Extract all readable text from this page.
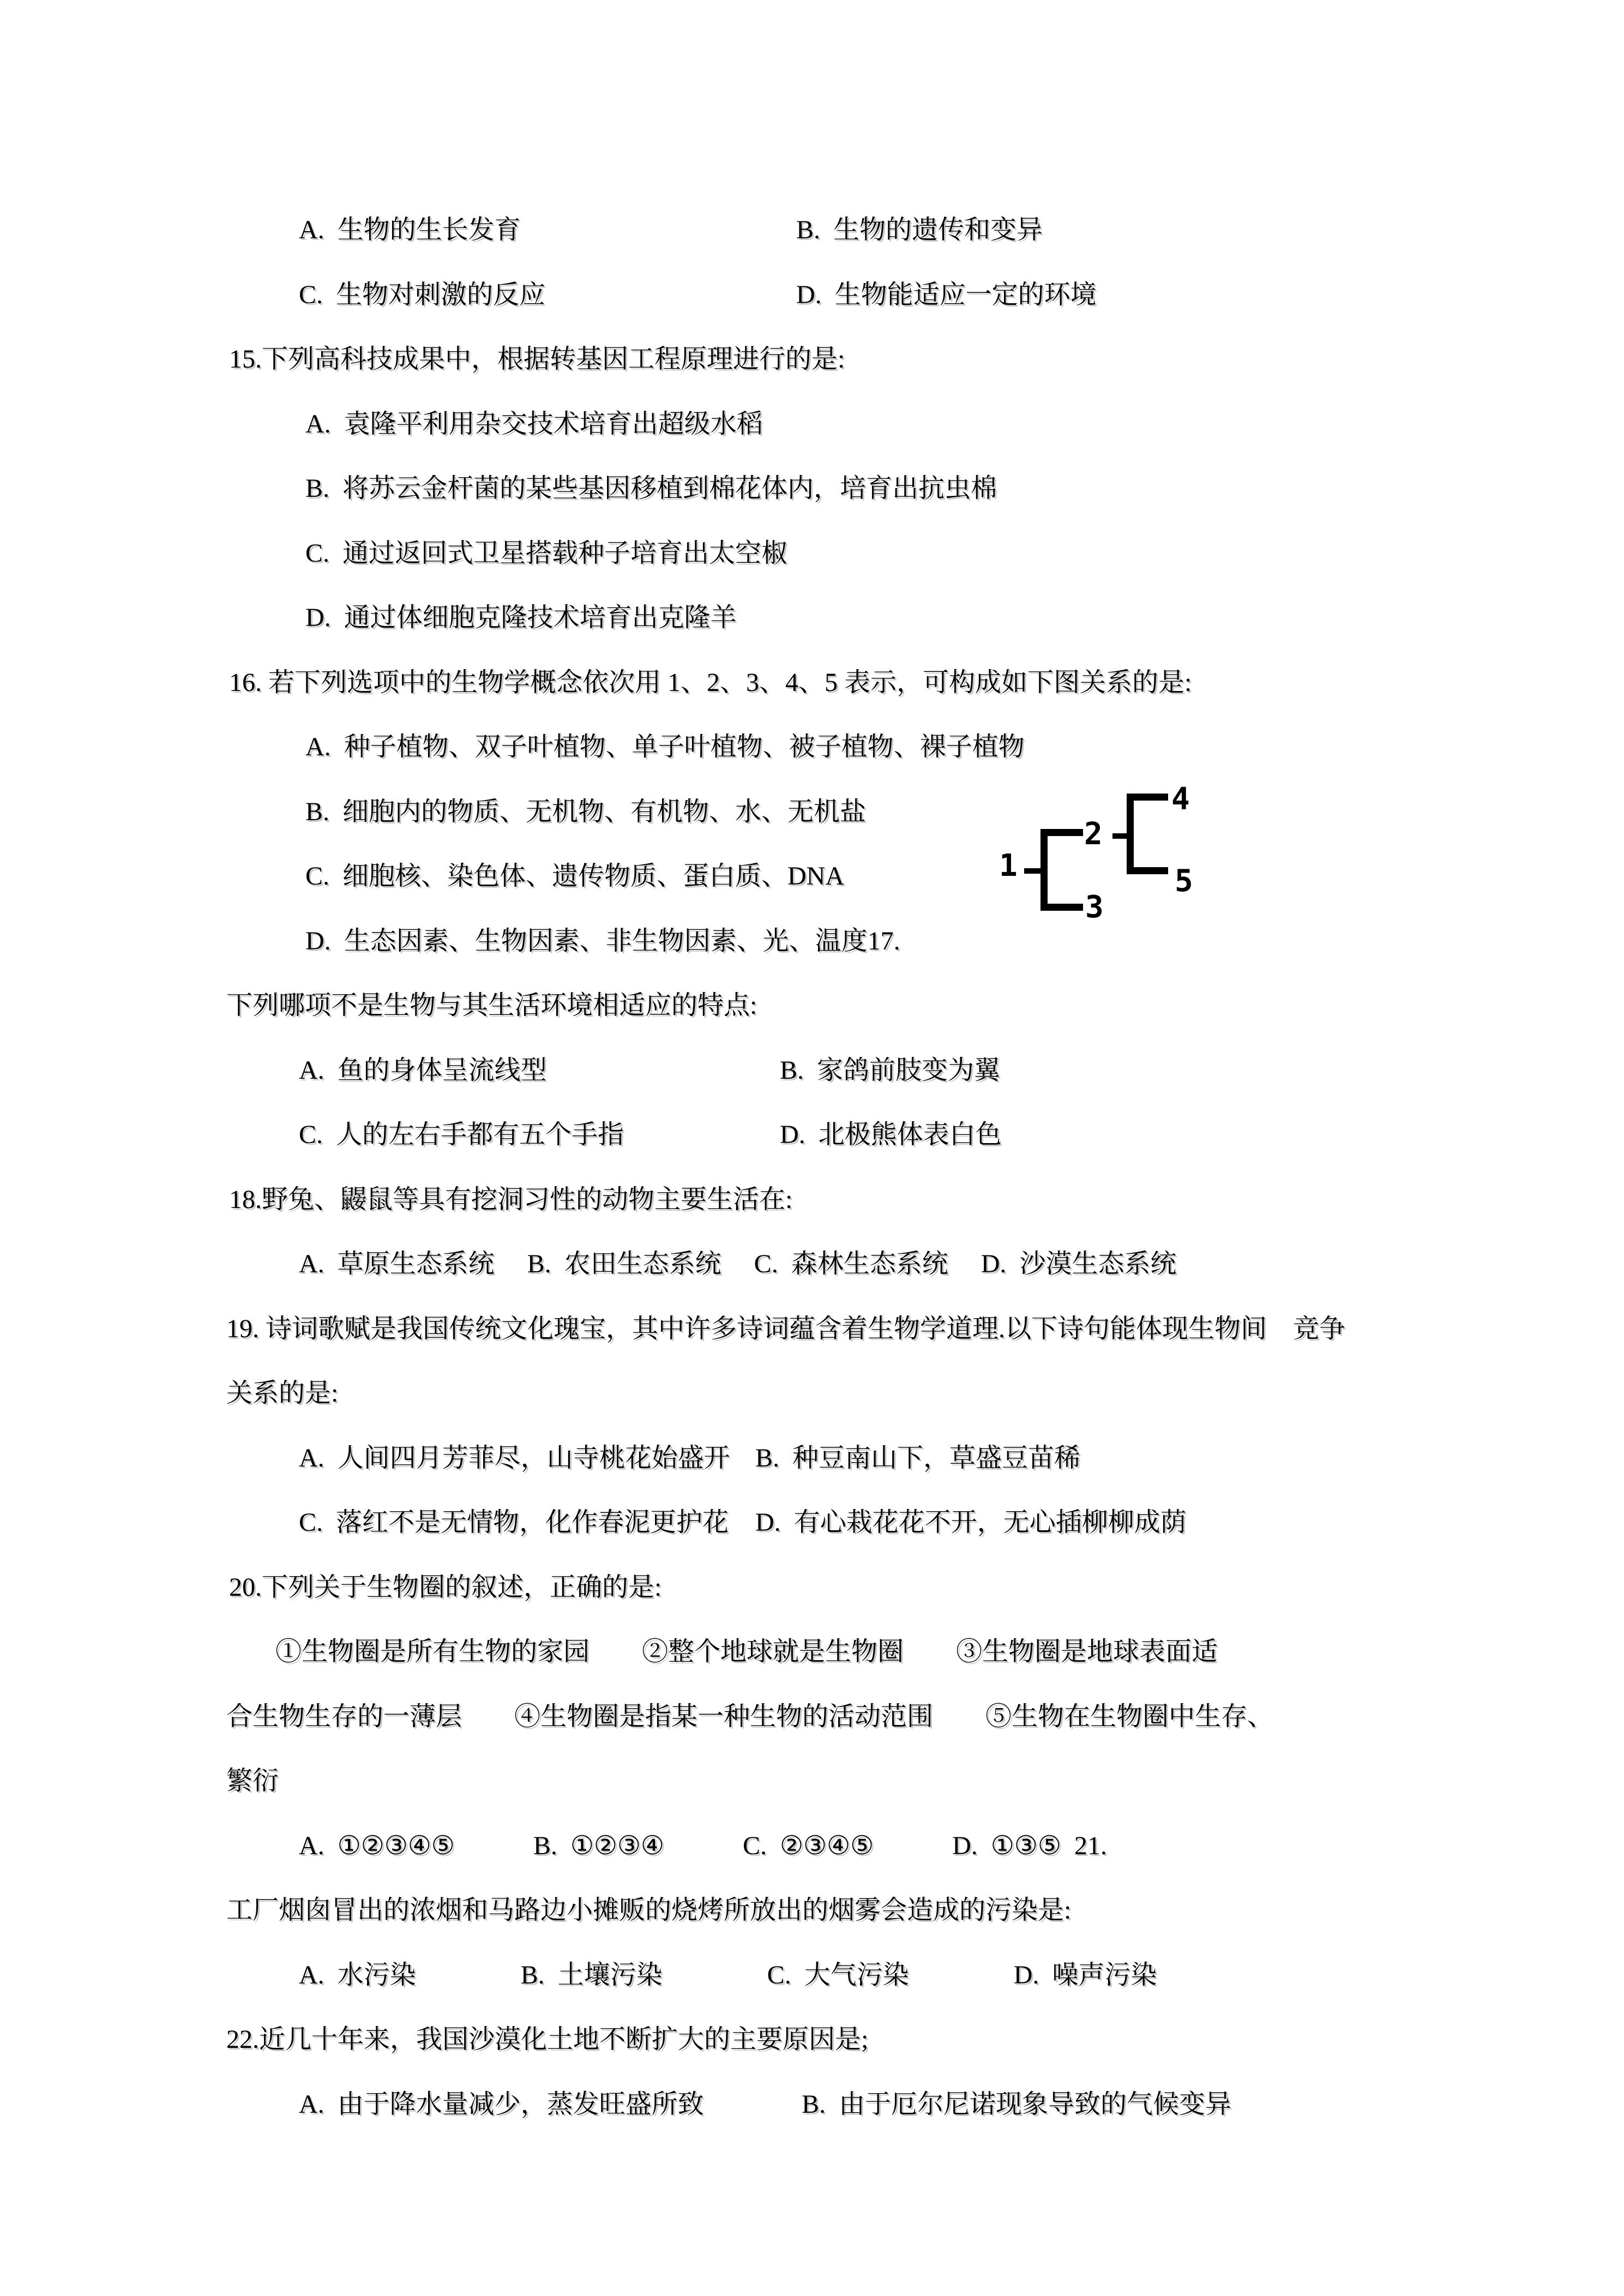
A.  生物的生长发育	B.  生物的遗传和变异
C.  生物对刺激的反应	D.  生物能适应一定的环境
15.下列高科技成果中，根据转基因工程原理进行的是:
A.  袁隆平利用杂交技术培育出超级水稻
B.  将苏云金杆菌的某些基因移植到棉花体内，培育出抗虫棉
C.  通过返回式卫星搭载种子培育出太空椒
D.  通过体细胞克隆技术培育出克隆羊
16. 若下列选项中的生物学概念依次用 1、2、3、4、5 表示，可构成如下图关系的是:
A.  种子植物、双子叶植物、单子叶植物、被子植物、裸子植物
B.  细胞内的物质、无机物、有机物、水、无机盐
C.  细胞核、染色体、遗传物质、蛋白质、DNA
D.  生态因素、生物因素、非生物因素、光、温度17.
1
2
3
4
5
下列哪项不是生物与其生活环境相适应的特点:
A.  鱼的身体呈流线型	B.  家鸽前肢变为翼
C.  人的左右手都有五个手指	D.  北极熊体表白色
18.野兔、鼹鼠等具有挖洞习性的动物主要生活在:
A.  草原生态系统　 B.  农田生态系统　 C.  森林生态系统　 D.  沙漠生态系统
19. 诗词歌赋是我国传统文化瑰宝，其中许多诗词蕴含着生物学道理.以下诗句能体现生物间　竞争
关系的是:
A.  人间四月芳菲尽，山寺桃花始盛开 B.  种豆南山下，草盛豆苗稀
C.  落红不是无情物，化作春泥更护花 D.  有心栽花花不开，无心插柳柳成荫
20.下列关于生物圈的叙述，正确的是:
①生物圈是所有生物的家园　　②整个地球就是生物圈　　③生物圈是地球表面适
合生物生存的一薄层　　④生物圈是指某一种生物的活动范围　　⑤生物在生物圈中生存、
繁衍
A.  ①②③④⑤　　　B.  ①②③④　　　C.  ②③④⑤　　　D.  ①③⑤  21.
工厂烟囱冒出的浓烟和马路边小摊贩的烧烤所放出的烟雾会造成的污染是:
A.  水污染　　　　B.  土壤污染　　　　C.  大气污染　　　　D.  噪声污染
22.近几十年来，我国沙漠化土地不断扩大的主要原因是;
A.  由于降水量减少，蒸发旺盛所致	B.  由于厄尔尼诺现象导致的气候变异
